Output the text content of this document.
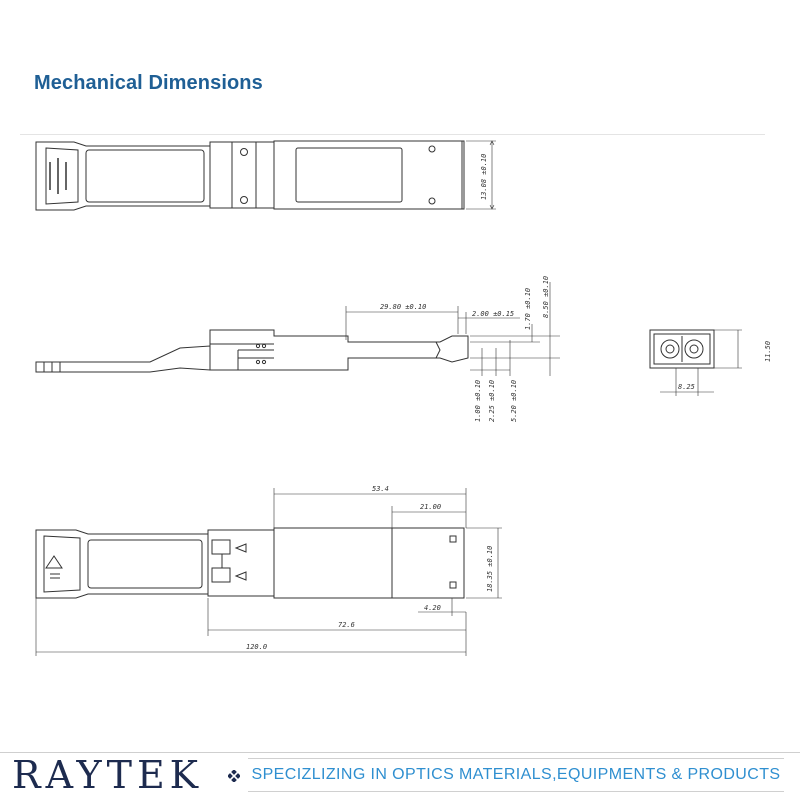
Mechanical Dimensions
13.08 ±0.10
29.80 ±0.10
2.00 ±0.15 1.70 ±0.10 8.50 ±0.10
1.00 ±0.10 2.25 ±0.10 5.20 ±0.10
11.50
8.25
53.4
21.00
18.35 ±0.10
4.20
72.6
120.0
RAYTEK	SPECIZLIZING IN OPTICS MATERIALS,EQUIPMENTS & PRODUCTS
